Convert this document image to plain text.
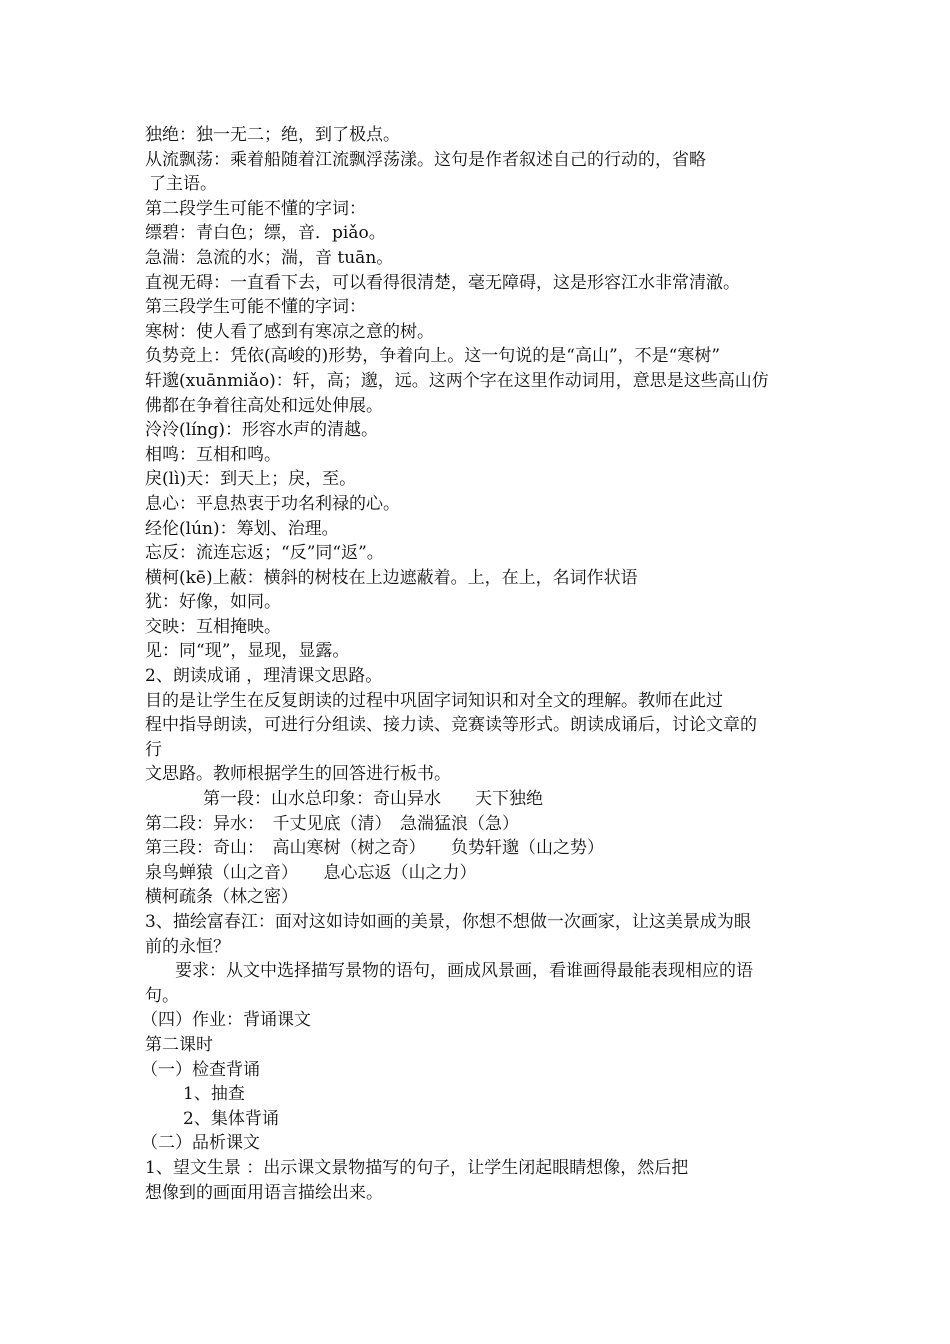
独绝：独一无二；绝，到了极点。
从流飘荡：乘着船随着江流飘浮荡漾。这句是作者叙述自己的行动的，省略
了主语。
第二段学生可能不懂的字词：
缥碧：青白色；缥，音．piǎo。
急湍：急流的水；湍，音 tuān。
直视无碍：一直看下去，可以看得很清楚，毫无障碍，这是形容江水非常清澈。
第三段学生可能不懂的字词：
寒树：使人看了感到有寒凉之意的树。
负势竞上：凭依(高峻的)形势，争着向上。这一句说的是“高山”，不是“寒树”
轩邈(xuānmiǎo)：轩，高；邈，远。这两个字在这里作动词用，意思是这些高山仿
佛都在争着往高处和远处伸展。
泠泠(líng)：形容水声的清越。
相鸣：互相和鸣。
戾(lì)天：到天上；戾，至。
息心：平息热衷于功名利禄的心。
经伦(lún)：筹划、治理。
忘反：流连忘返；“反”同“返”。
横柯(kē)上蔽：横斜的树枝在上边遮蔽着。上，在上，名词作状语
犹：好像，如同。
交映：互相掩映。
见：同“现”，显现，显露。
2、朗读成诵 ，理清课文思路。
目的是让学生在反复朗读的过程中巩固字词知识和对全文的理解。教师在此过
程中指导朗读，可进行分组读、接力读、竞赛读等形式。朗读成诵后，讨论文章的
行
文思路。教师根据学生的回答进行板书。
第一段：山水总印象：奇山异水　　天下独绝
第二段：异水：　千丈见底（清）　急湍猛浪（急）
第三段：奇山：　高山寒树（树之奇）　　负势轩邈（山之势）
泉鸟蝉猿（山之音）　　息心忘返（山之力）
横柯疏条（林之密）
3、描绘富春江：面对这如诗如画的美景，你想不想做一次画家，让这美景成为眼
前的永恒？
要求：从文中选择描写景物的语句，画成风景画，看谁画得最能表现相应的语
句。
（四）作业：背诵课文
第二课时
（一）检查背诵
1、抽查
2、集体背诵
（二）品析课文
1、望文生景 ：出示课文景物描写的句子，让学生闭起眼睛想像，然后把
想像到的画面用语言描绘出来。
